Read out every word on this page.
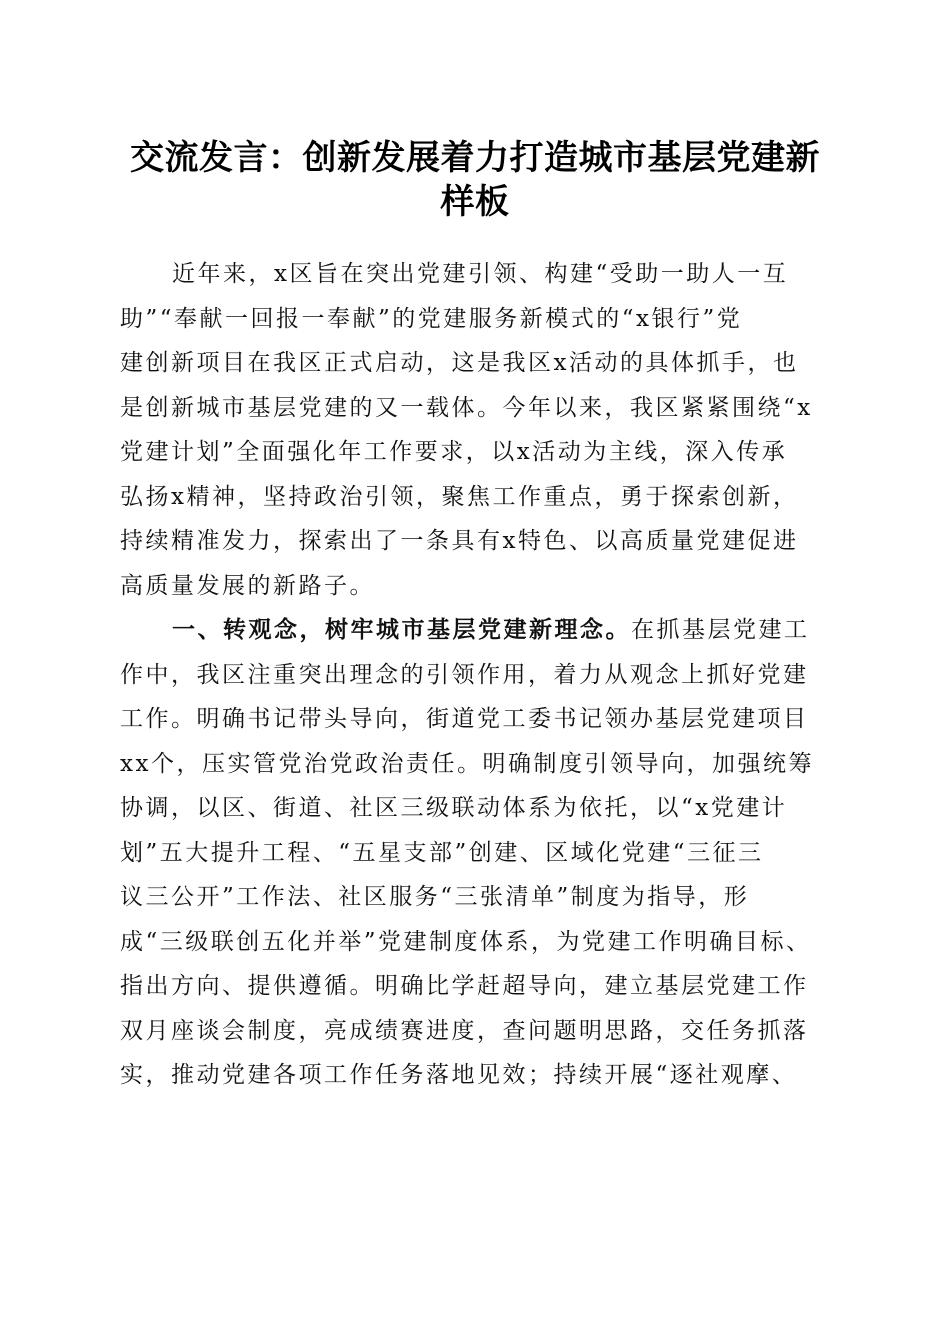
交流发言：创新发展着力打造城市基层党建新样板
近年来，x区旨在突出党建引领、构建“受助一助人一互
助”“奉献一回报一奉献”的党建服务新模式的“x银行”党
建创新项目在我区正式启动，这是我区x活动的具体抓手，也
是创新城市基层党建的又一载体。今年以来，我区紧紧围绕“x
党建计划”全面强化年工作要求，以x活动为主线，深入传承
弘扬x精神，坚持政治引领，聚焦工作重点，勇于探索创新，
持续精准发力，探索出了一条具有x特色、以高质量党建促进
高质量发展的新路子。
一、转观念，树牢城市基层党建新理念。在抓基层党建工
作中，我区注重突出理念的引领作用，着力从观念上抓好党建
工作。明确书记带头导向，街道党工委书记领办基层党建项目
xx个，压实管党治党政治责任。明确制度引领导向，加强统筹
协调，以区、街道、社区三级联动体系为依托，以“x党建计
划”五大提升工程、“五星支部”创建、区域化党建“三征三
议三公开”工作法、社区服务“三张清单”制度为指导，形
成“三级联创五化并举”党建制度体系，为党建工作明确目标、
指出方向、提供遵循。明确比学赶超导向，建立基层党建工作
双月座谈会制度，亮成绩赛进度，查问题明思路，交任务抓落
实，推动党建各项工作任务落地见效；持续开展“逐社观摩、
